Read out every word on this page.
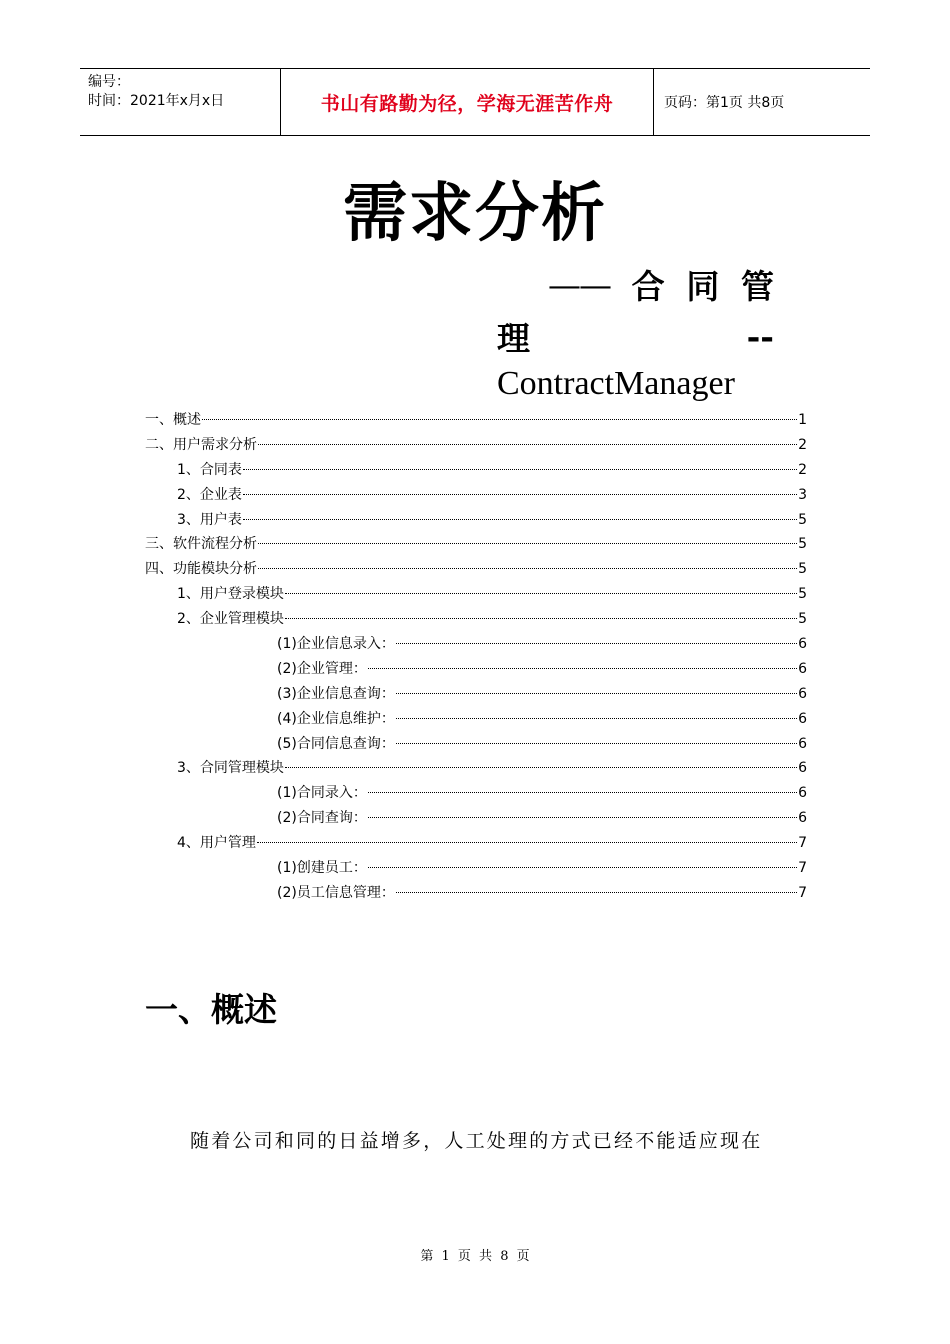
编号：
时间：2021年x月x日	书山有路勤为径，学海无涯苦作舟	页码：第1页 共8页
需求分析
—— 合 同 管
理	--
ContractManager
一、概述	1
二、用户需求分析	2
1、合同表	2
2、企业表	3
3、用户表	5
三、软件流程分析	5
四、功能模块分析	5
1、用户登录模块	5
2、企业管理模块	5
(1)企业信息录入：	6
(2)企业管理：	6
(3)企业信息查询：	6
(4)企业信息维护：	6
(5)合同信息查询：	6
3、合同管理模块	6
(1)合同录入：	6
(2)合同查询：	6
4、用户管理	7
(1)创建员工：	7
(2)员工信息管理：	7
一、概述
随着公司和同的日益增多，人工处理的方式已经不能适应现在
第 1 页 共 8 页
